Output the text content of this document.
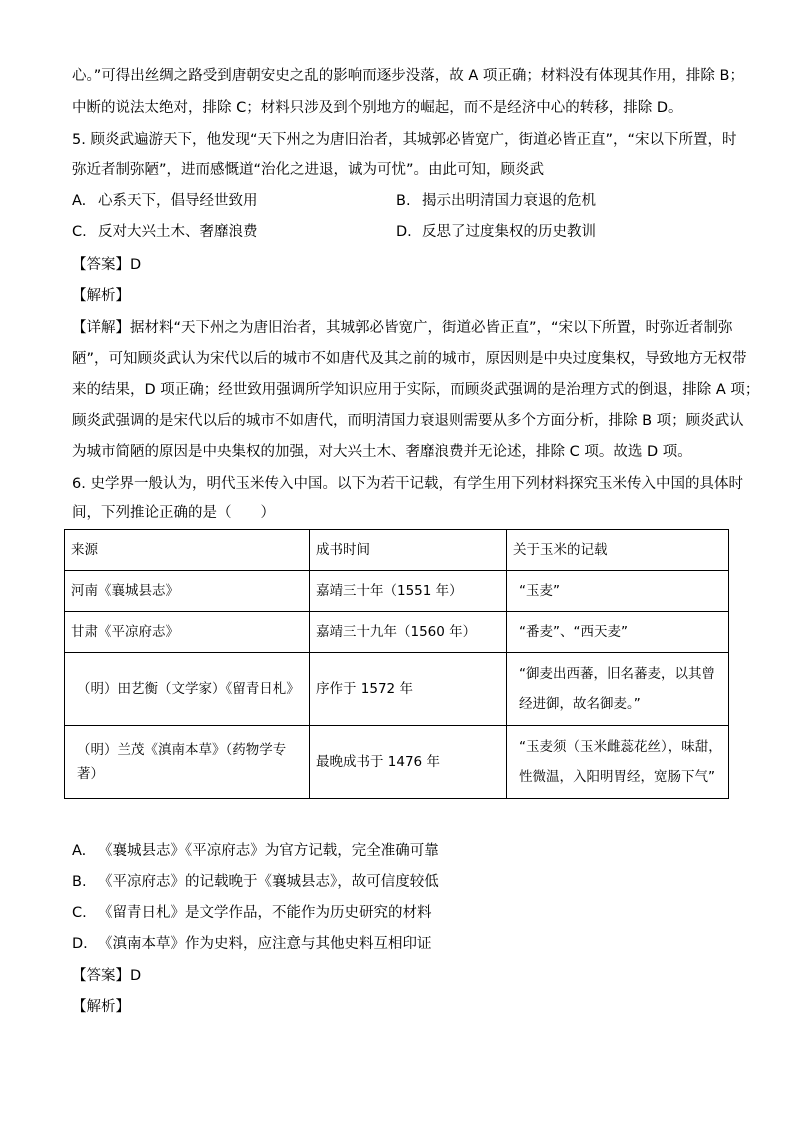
心。”可得出丝绸之路受到唐朝安史之乱的影响而逐步没落，故 A 项正确；材料没有体现其作用，排除 B；
中断的说法太绝对，排除 C；材料只涉及到个别地方的崛起，而不是经济中心的转移，排除 D。
5. 顾炎武遍游天下，他发现“天下州之为唐旧治者，其城郭必皆宽广，街道必皆正直”，“宋以下所置，时
弥近者制弥陋”，进而感慨道“治化之进退，诚为可忧”。由此可知，顾炎武
A. 心系天下，倡导经世致用	B. 揭示出明清国力衰退的危机
C. 反对大兴土木、奢靡浪费	D. 反思了过度集权的历史教训
【答案】D
【解析】
【详解】据材料“天下州之为唐旧治者，其城郭必皆宽广，街道必皆正直”，“宋以下所置，时弥近者制弥
陋”，可知顾炎武认为宋代以后的城市不如唐代及其之前的城市，原因则是中央过度集权，导致地方无权带
来的结果，D 项正确；经世致用强调所学知识应用于实际，而顾炎武强调的是治理方式的倒退，排除 A 项；
顾炎武强调的是宋代以后的城市不如唐代，而明清国力衰退则需要从多个方面分析，排除 B 项；顾炎武认
为城市简陋的原因是中央集权的加强，对大兴土木、奢靡浪费并无论述，排除 C 项。故选 D 项。
6. 史学界一般认为，明代玉米传入中国。以下为若干记载，有学生用下列材料探究玉米传入中国的具体时
间，下列推论正确的是（　　）
来源	成书时间	关于玉米的记载
河南《襄城县志》	嘉靖三十年（1551 年）	“玉麦”
甘肃《平凉府志》	嘉靖三十九年（1560 年）	“番麦”、“西天麦”
（明）田艺衡（文学家）《留青日札》	序作于 1572 年	“御麦出西蕃，旧名蕃麦，以其曾经进御，故名御麦。”
（明）兰茂《滇南本草》（药物学专著）	最晚成书于 1476 年	“玉麦须（玉米雌蕊花丝），味甜，性微温，入阳明胃经，宽肠下气”
A. 《襄城县志》《平凉府志》为官方记载，完全准确可靠
B. 《平凉府志》的记载晚于《襄城县志》，故可信度较低
C. 《留青日札》是文学作品，不能作为历史研究的材料
D. 《滇南本草》作为史料，应注意与其他史料互相印证
【答案】D
【解析】
